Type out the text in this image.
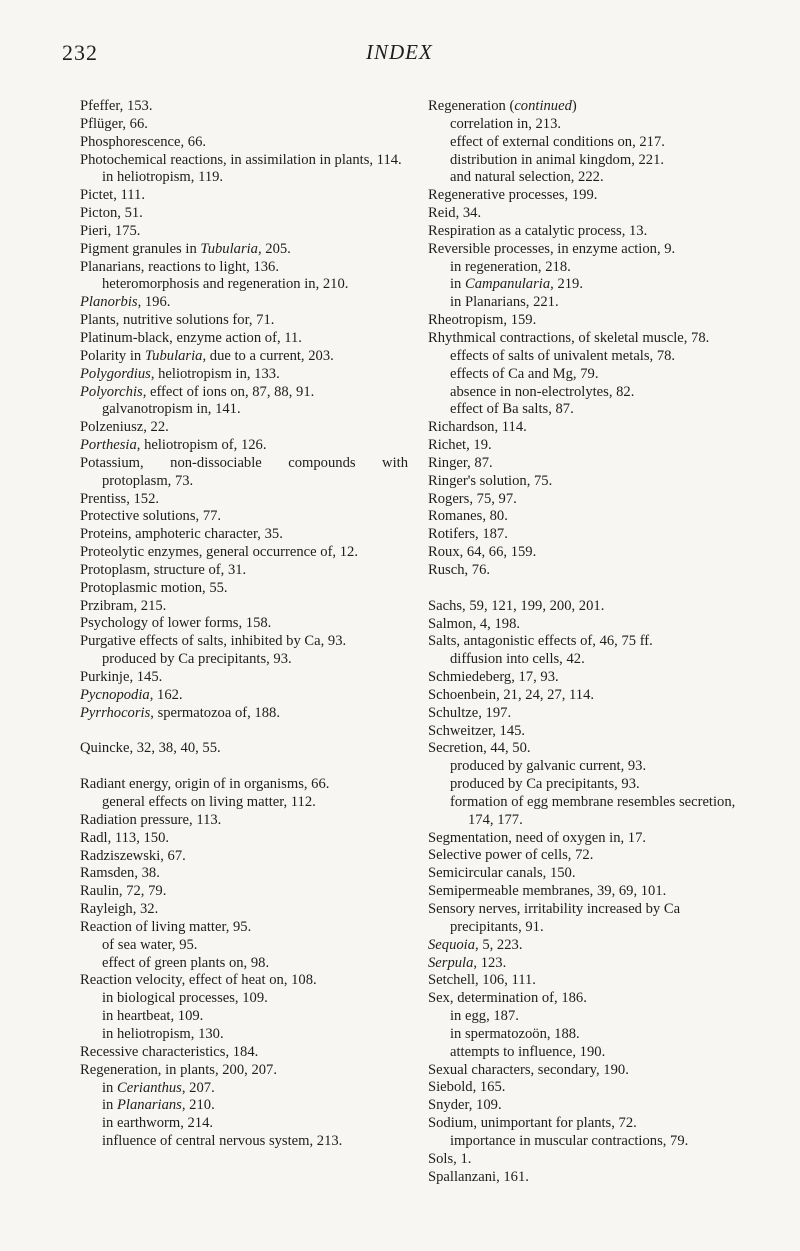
232	INDEX

Pfeffer, 153.

Pflüger, 66.

Phosphorescence, 66.

Photochemical reactions, in assimilation in plants, 114.

in heliotropism, 119.

Pictet, 111.

Picton, 51.

Pieri, 175.

Pigment granules in Tubularia, 205.

Planarians, reactions to light, 136.

heteromorphosis and regeneration in, 210.

Planorbis, 196.

Plants, nutritive solutions for, 71.

Platinum-black, enzyme action of, 11.

Polarity in Tubularia, due to a current, 203.

Polygordius, heliotropism in, 133.

Polyorchis, effect of ions on, 87, 88, 91.

galvanotropism in, 141.

Polzeniusz, 22.

Porthesia, heliotropism of, 126.

Potassium, non-dissociable compounds with protoplasm, 73.

Prentiss, 152.

Protective solutions, 77.

Proteins, amphoteric character, 35.

Proteolytic enzymes, general occurrence of, 12.

Protoplasm, structure of, 31.

Protoplasmic motion, 55.

Przibram, 215.

Psychology of lower forms, 158.

Purgative effects of salts, inhibited by Ca, 93.

produced by Ca precipitants, 93.

Purkinje, 145.

Pycnopodia, 162.

Pyrrhocoris, spermatozoa of, 188.

Quincke, 32, 38, 40, 55.

Radiant energy, origin of in organisms, 66.

general effects on living matter, 112.

Radiation pressure, 113.

Radl, 113, 150.

Radziszewski, 67.

Ramsden, 38.

Raulin, 72, 79.

Rayleigh, 32.

Reaction of living matter, 95.

of sea water, 95.

effect of green plants on, 98.

Reaction velocity, effect of heat on, 108.

in biological processes, 109.

in heartbeat, 109.

in heliotropism, 130.

Recessive characteristics, 184.

Regeneration, in plants, 200, 207.

in Cerianthus, 207.

in Planarians, 210.

in earthworm, 214.

influence of central nervous system, 213.

Regeneration (continued)

correlation in, 213.

effect of external conditions on, 217.

distribution in animal kingdom, 221.

and natural selection, 222.

Regenerative processes, 199.

Reid, 34.

Respiration as a catalytic process, 13.

Reversible processes, in enzyme action, 9.

in regeneration, 218.

in Campanularia, 219.

in Planarians, 221.

Rheotropism, 159.

Rhythmical contractions, of skeletal muscle, 78.

effects of salts of univalent metals, 78.

effects of Ca and Mg, 79.

absence in non-electrolytes, 82.

effect of Ba salts, 87.

Richardson, 114.

Richet, 19.

Ringer, 87.

Ringer's solution, 75.

Rogers, 75, 97.

Romanes, 80.

Rotifers, 187.

Roux, 64, 66, 159.

Rusch, 76.

Sachs, 59, 121, 199, 200, 201.

Salmon, 4, 198.

Salts, antagonistic effects of, 46, 75 ff.

diffusion into cells, 42.

Schmiedeberg, 17, 93.

Schoenbein, 21, 24, 27, 114.

Schultze, 197.

Schweitzer, 145.

Secretion, 44, 50.

produced by galvanic current, 93.

produced by Ca precipitants, 93.

formation of egg membrane resembles secretion, 174, 177.

Segmentation, need of oxygen in, 17.

Selective power of cells, 72.

Semicircular canals, 150.

Semipermeable membranes, 39, 69, 101.

Sensory nerves, irritability increased by Ca precipitants, 91.

Sequoia, 5, 223.

Serpula, 123.

Setchell, 106, 111.

Sex, determination of, 186.

in egg, 187.

in spermatozoön, 188.

attempts to influence, 190.

Sexual characters, secondary, 190.

Siebold, 165.

Snyder, 109.

Sodium, unimportant for plants, 72.

importance in muscular contractions, 79.

Sols, 1.

Spallanzani, 161.
